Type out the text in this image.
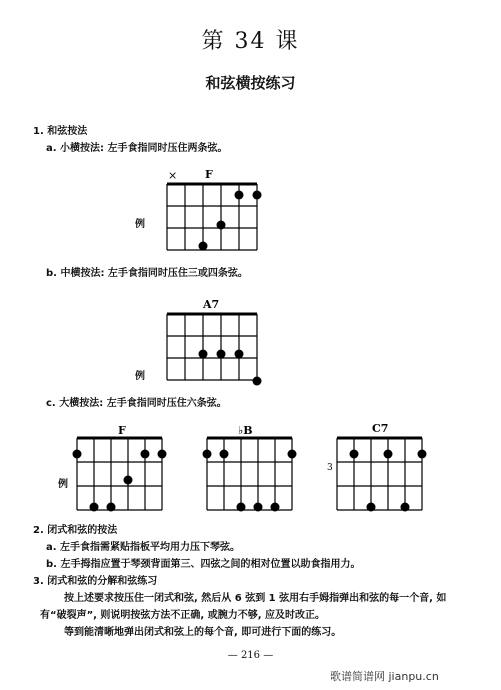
第 34 课
和弦横按练习
1. 和弦按法
a. 小横按法: 左手食指同时压住两条弦。
×	F
例
b. 中横按法: 左手食指同时压住三或四条弦。
A7
例
c. 大横按法: 左手食指同时压住六条弦。
F
例
♭B	C7
3
2. 闭式和弦的按法
a. 左手食指需紧贴指板平均用力压下琴弦。
b. 左手拇指应置于琴颈背面第三、四弦之间的相对位置以助食指用力。
3. 闭式和弦的分解和弦练习
按上述要求按压住一闭式和弦, 然后从 6 弦到 1 弦用右手姆指弹出和弦的每一个音, 如有“破裂声”, 则说明按弦方法不正确, 或腕力不够, 应及时改正。
等到能清晰地弹出闭式和弦上的每个音, 即可进行下面的练习。
— 216 —
歌谱简谱网 jianpu.cn
